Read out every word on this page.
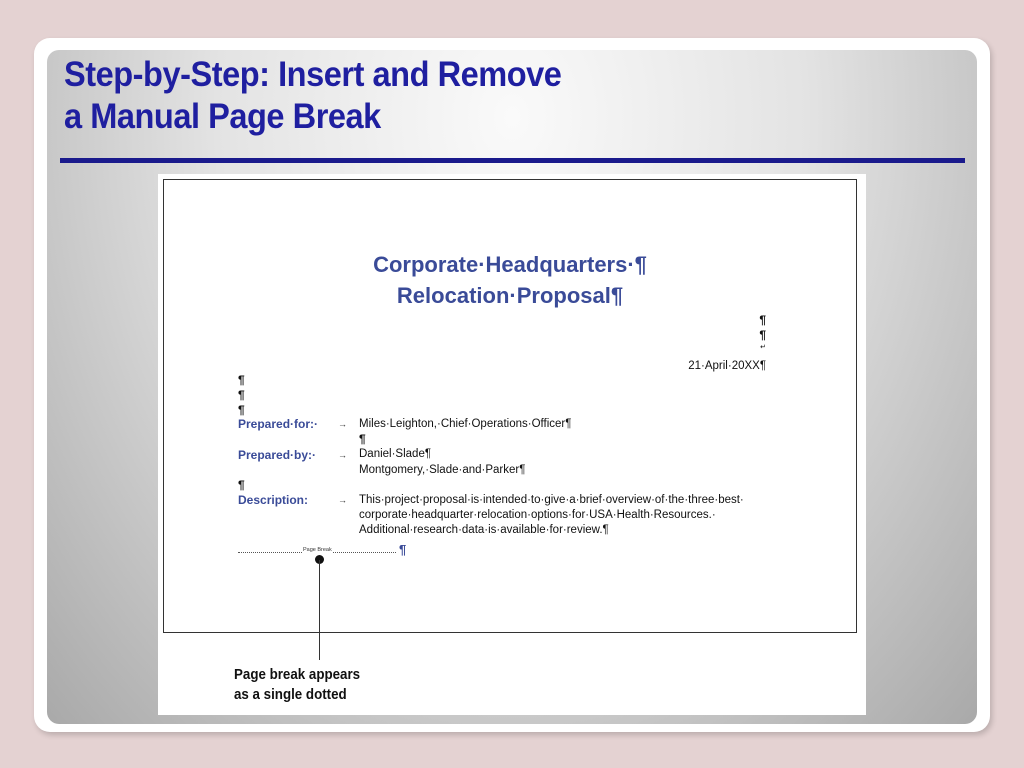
Step-by-Step: Insert and Remove
a Manual Page Break
Corporate·Headquarters·¶
Relocation·Proposal¶
¶
¶
↵
21·April·20XX¶
¶
¶
¶
Prepared·for:· → Miles·Leighton,·Chief·Operations·Officer¶
¶
Prepared·by:· → Daniel·Slade¶
Montgomery,·Slade·and·Parker¶
¶
Description:	→ This·project·proposal·is·intended·to·give·a·brief·overview·of·the·three·best·
corporate·headquarter·relocation·options·for·USA·Health·Resources.·
Additional·research·data·is·available·for·review.¶
Page Break	¶
Page break appears
as a single dotted
